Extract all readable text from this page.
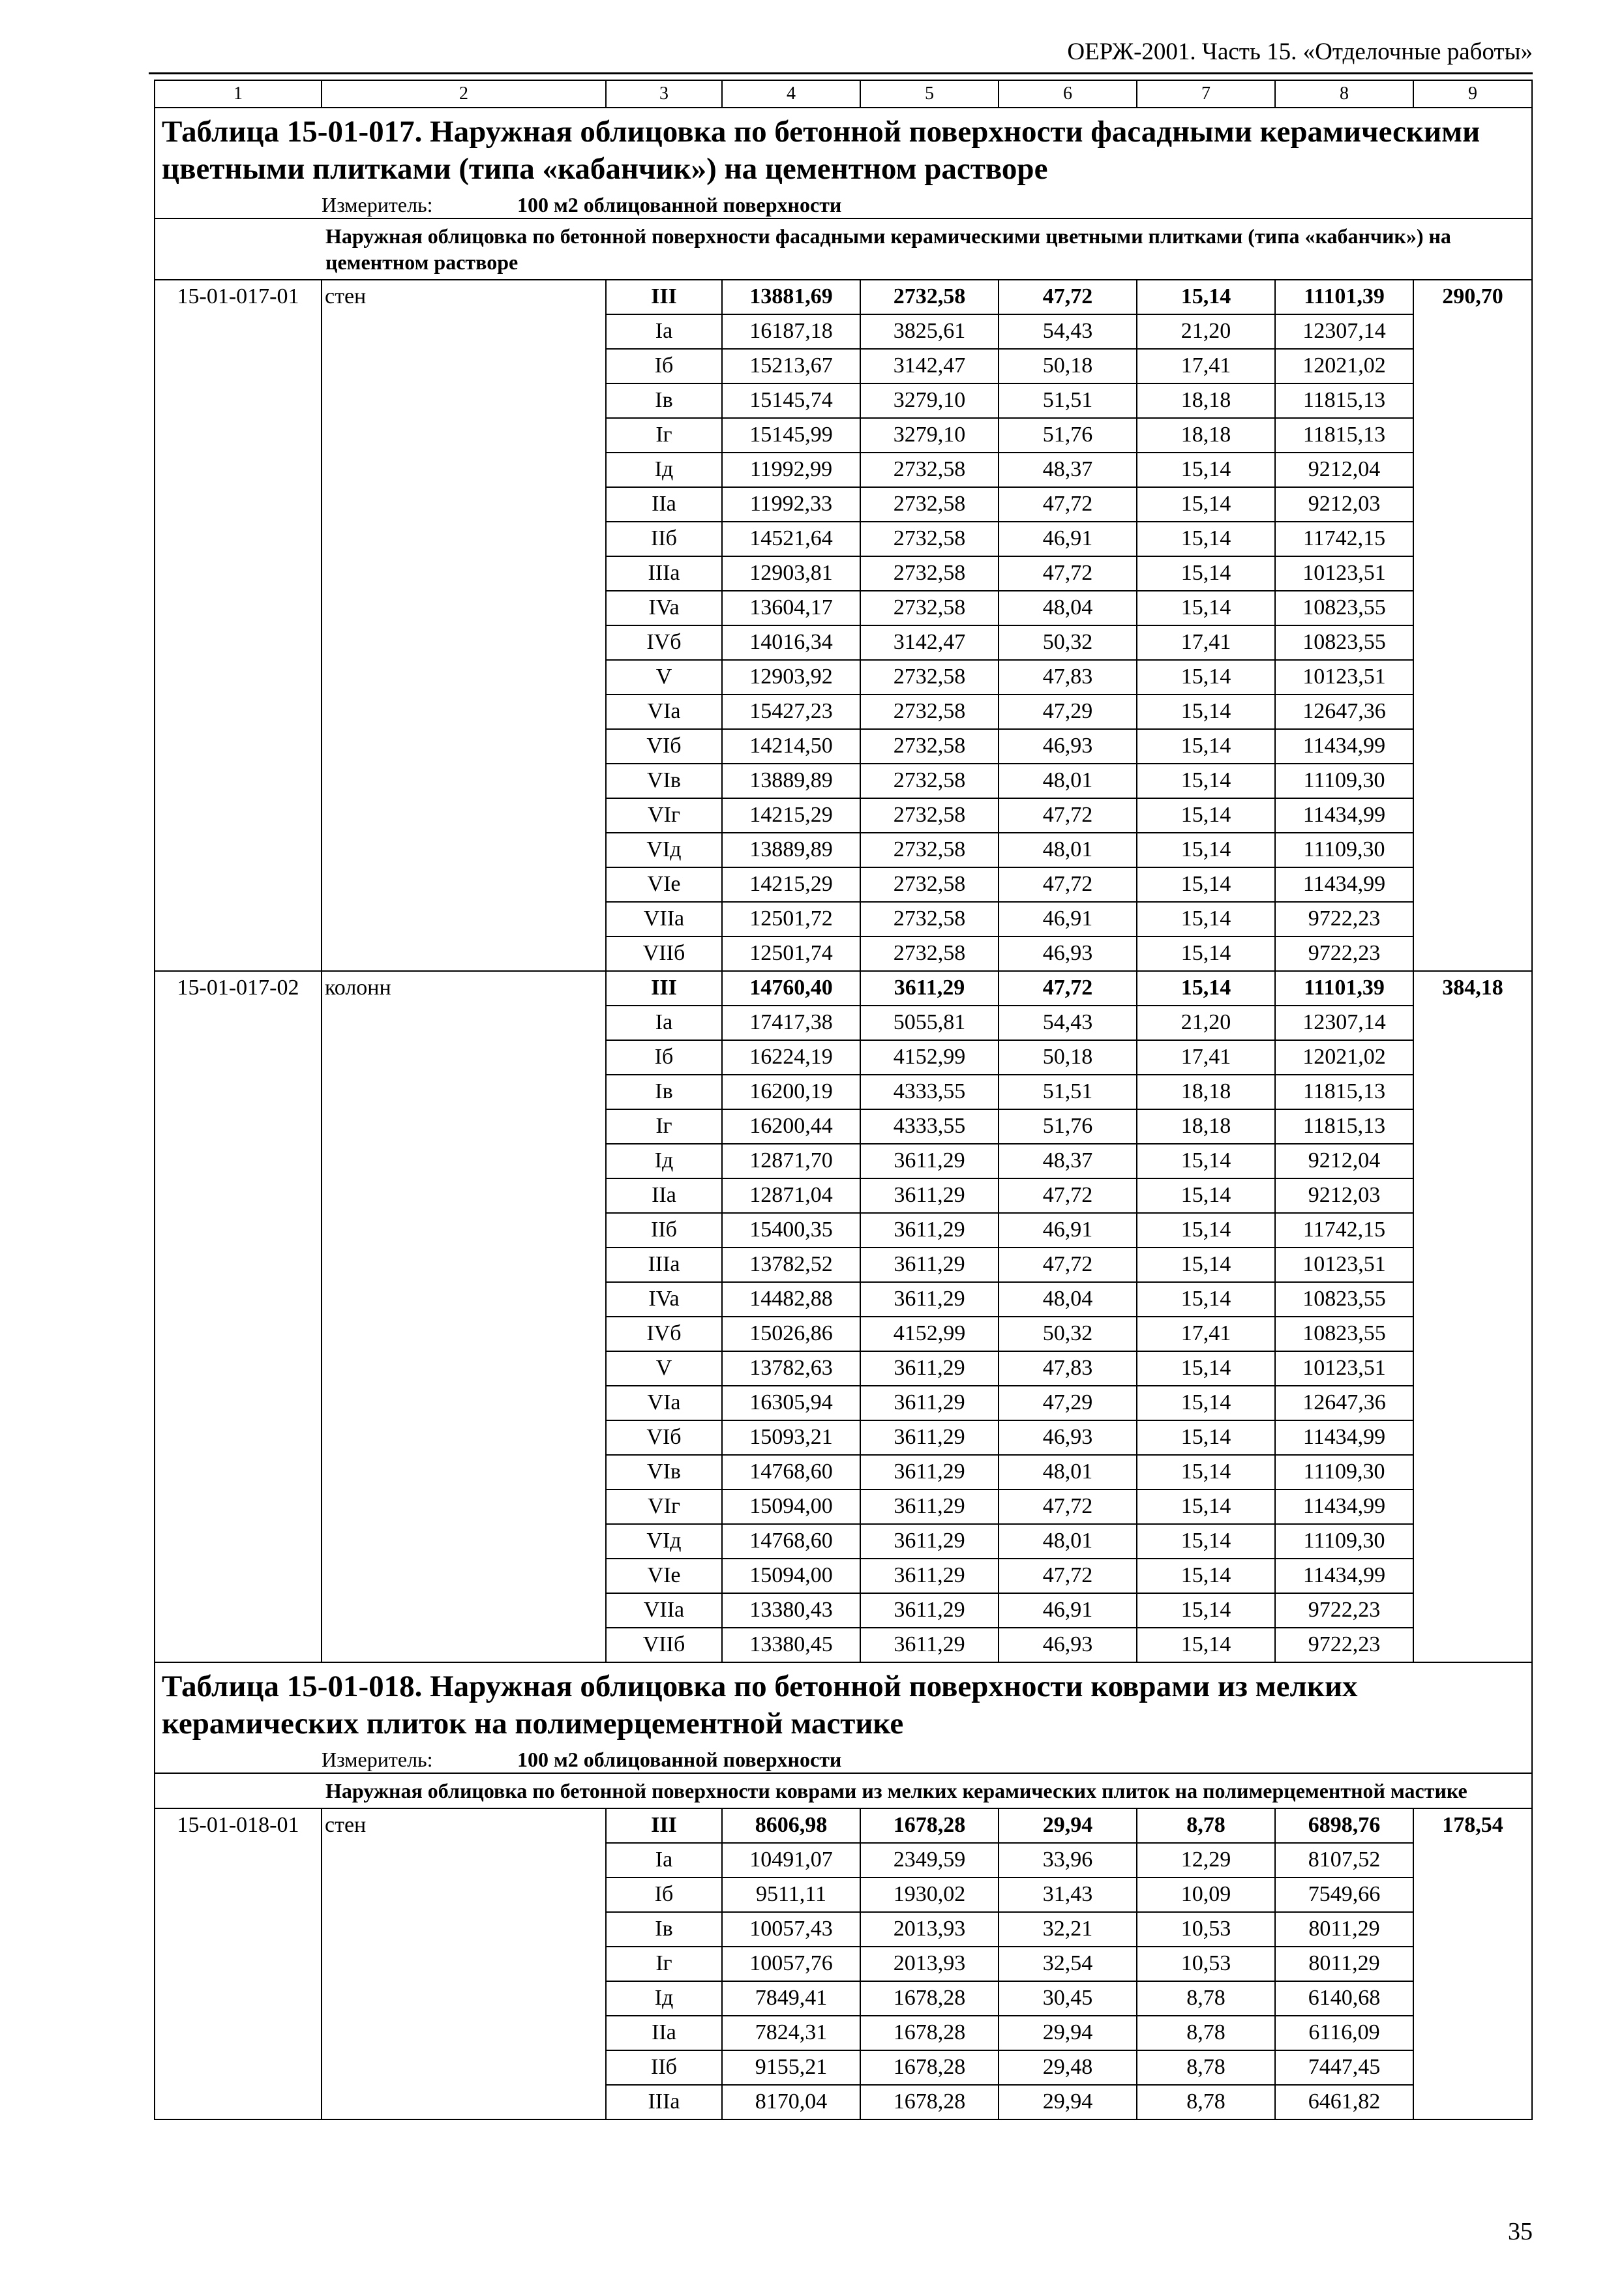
ОЕРЖ-2001. Часть 15. «Отделочные работы»
1	2	3	4	5	6	7	8	9
Таблица 15-01-017. Наружная облицовка по бетонной поверхности фасадными керамическими цветными плитками (типа «кабанчик») на цементном растворе								
	Измеритель: 100 м2 облицованной поверхности							
	Наружная облицовка по бетонной поверхности фасадными керамическими цветными плитками (типа «кабанчик») на цементном растворе							
15-01-017-01	стен	III	13881,69	2732,58	47,72	15,14	11101,39	290,70
		Ia	16187,18	3825,61	54,43	21,20	12307,14	
		Iб	15213,67	3142,47	50,18	17,41	12021,02	
		Iв	15145,74	3279,10	51,51	18,18	11815,13	
		Iг	15145,99	3279,10	51,76	18,18	11815,13	
		Iд	11992,99	2732,58	48,37	15,14	9212,04	
		IIa	11992,33	2732,58	47,72	15,14	9212,03	
		IIб	14521,64	2732,58	46,91	15,14	11742,15	
		IIIa	12903,81	2732,58	47,72	15,14	10123,51	
		IVa	13604,17	2732,58	48,04	15,14	10823,55	
		IVб	14016,34	3142,47	50,32	17,41	10823,55	
		V	12903,92	2732,58	47,83	15,14	10123,51	
		VIa	15427,23	2732,58	47,29	15,14	12647,36	
		VIб	14214,50	2732,58	46,93	15,14	11434,99	
		VIв	13889,89	2732,58	48,01	15,14	11109,30	
		VIг	14215,29	2732,58	47,72	15,14	11434,99	
		VIд	13889,89	2732,58	48,01	15,14	11109,30	
		VIe	14215,29	2732,58	47,72	15,14	11434,99	
		VIIa	12501,72	2732,58	46,91	15,14	9722,23	
		VIIб	12501,74	2732,58	46,93	15,14	9722,23	
15-01-017-02	колонн	III	14760,40	3611,29	47,72	15,14	11101,39	384,18
		Ia	17417,38	5055,81	54,43	21,20	12307,14	
		Iб	16224,19	4152,99	50,18	17,41	12021,02	
		Iв	16200,19	4333,55	51,51	18,18	11815,13	
		Iг	16200,44	4333,55	51,76	18,18	11815,13	
		Iд	12871,70	3611,29	48,37	15,14	9212,04	
		IIa	12871,04	3611,29	47,72	15,14	9212,03	
		IIб	15400,35	3611,29	46,91	15,14	11742,15	
		IIIa	13782,52	3611,29	47,72	15,14	10123,51	
		IVa	14482,88	3611,29	48,04	15,14	10823,55	
		IVб	15026,86	4152,99	50,32	17,41	10823,55	
		V	13782,63	3611,29	47,83	15,14	10123,51	
		VIa	16305,94	3611,29	47,29	15,14	12647,36	
		VIб	15093,21	3611,29	46,93	15,14	11434,99	
		VIв	14768,60	3611,29	48,01	15,14	11109,30	
		VIг	15094,00	3611,29	47,72	15,14	11434,99	
		VIд	14768,60	3611,29	48,01	15,14	11109,30	
		VIe	15094,00	3611,29	47,72	15,14	11434,99	
		VIIa	13380,43	3611,29	46,91	15,14	9722,23	
		VIIб	13380,45	3611,29	46,93	15,14	9722,23	
Таблица 15-01-018. Наружная облицовка по бетонной поверхности коврами из мелких керамических плиток на полимерцементной мастике								
	Измеритель: 100 м2 облицованной поверхности							
	Наружная облицовка по бетонной поверхности коврами из мелких керамических плиток на полимерцементной мастике							
15-01-018-01	стен	III	8606,98	1678,28	29,94	8,78	6898,76	178,54
		Ia	10491,07	2349,59	33,96	12,29	8107,52	
		Iб	9511,11	1930,02	31,43	10,09	7549,66	
		Iв	10057,43	2013,93	32,21	10,53	8011,29	
		Iг	10057,76	2013,93	32,54	10,53	8011,29	
		Iд	7849,41	1678,28	30,45	8,78	6140,68	
		IIa	7824,31	1678,28	29,94	8,78	6116,09	
		IIб	9155,21	1678,28	29,48	8,78	7447,45	
		IIIa	8170,04	1678,28	29,94	8,78	6461,82	
35
